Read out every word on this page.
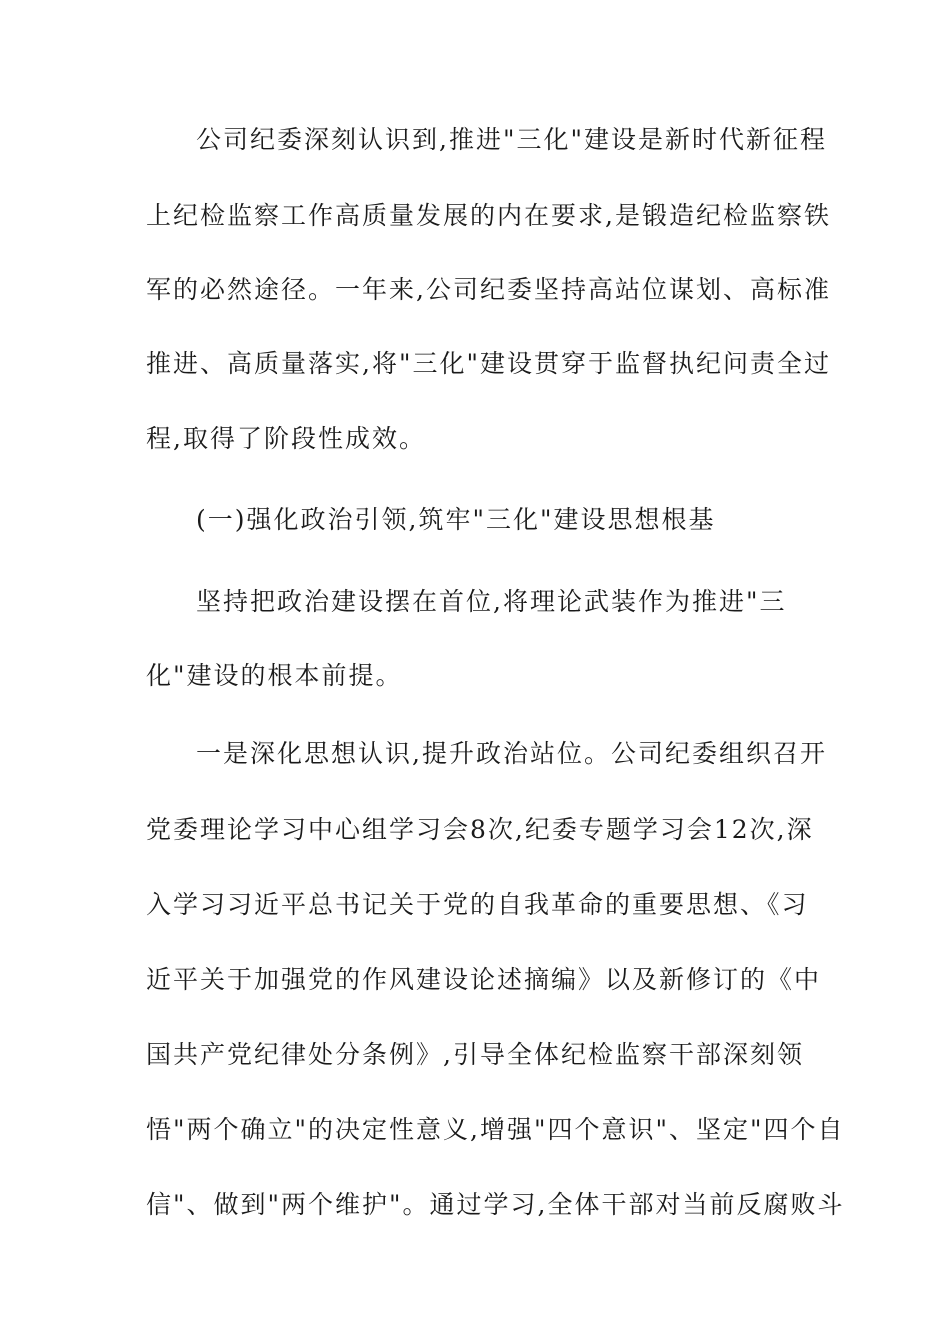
公司纪委深刻认识到,推进"三化"建设是新时代新征程
上纪检监察工作高质量发展的内在要求,是锻造纪检监察铁
军的必然途径。一年来,公司纪委坚持高站位谋划、高标准
推进、高质量落实,将"三化"建设贯穿于监督执纪问责全过
程,取得了阶段性成效。
(一)强化政治引领,筑牢"三化"建设思想根基
坚持把政治建设摆在首位,将理论武装作为推进"三
化"建设的根本前提。
一是深化思想认识,提升政治站位。公司纪委组织召开
党委理论学习中心组学习会8次,纪委专题学习会12次,深
入学习习近平总书记关于党的自我革命的重要思想、《习
近平关于加强党的作风建设论述摘编》以及新修订的《中
国共产党纪律处分条例》,引导全体纪检监察干部深刻领
悟"两个确立"的决定性意义,增强"四个意识"、坚定"四个自
信"、做到"两个维护"。通过学习,全体干部对当前反腐败斗
